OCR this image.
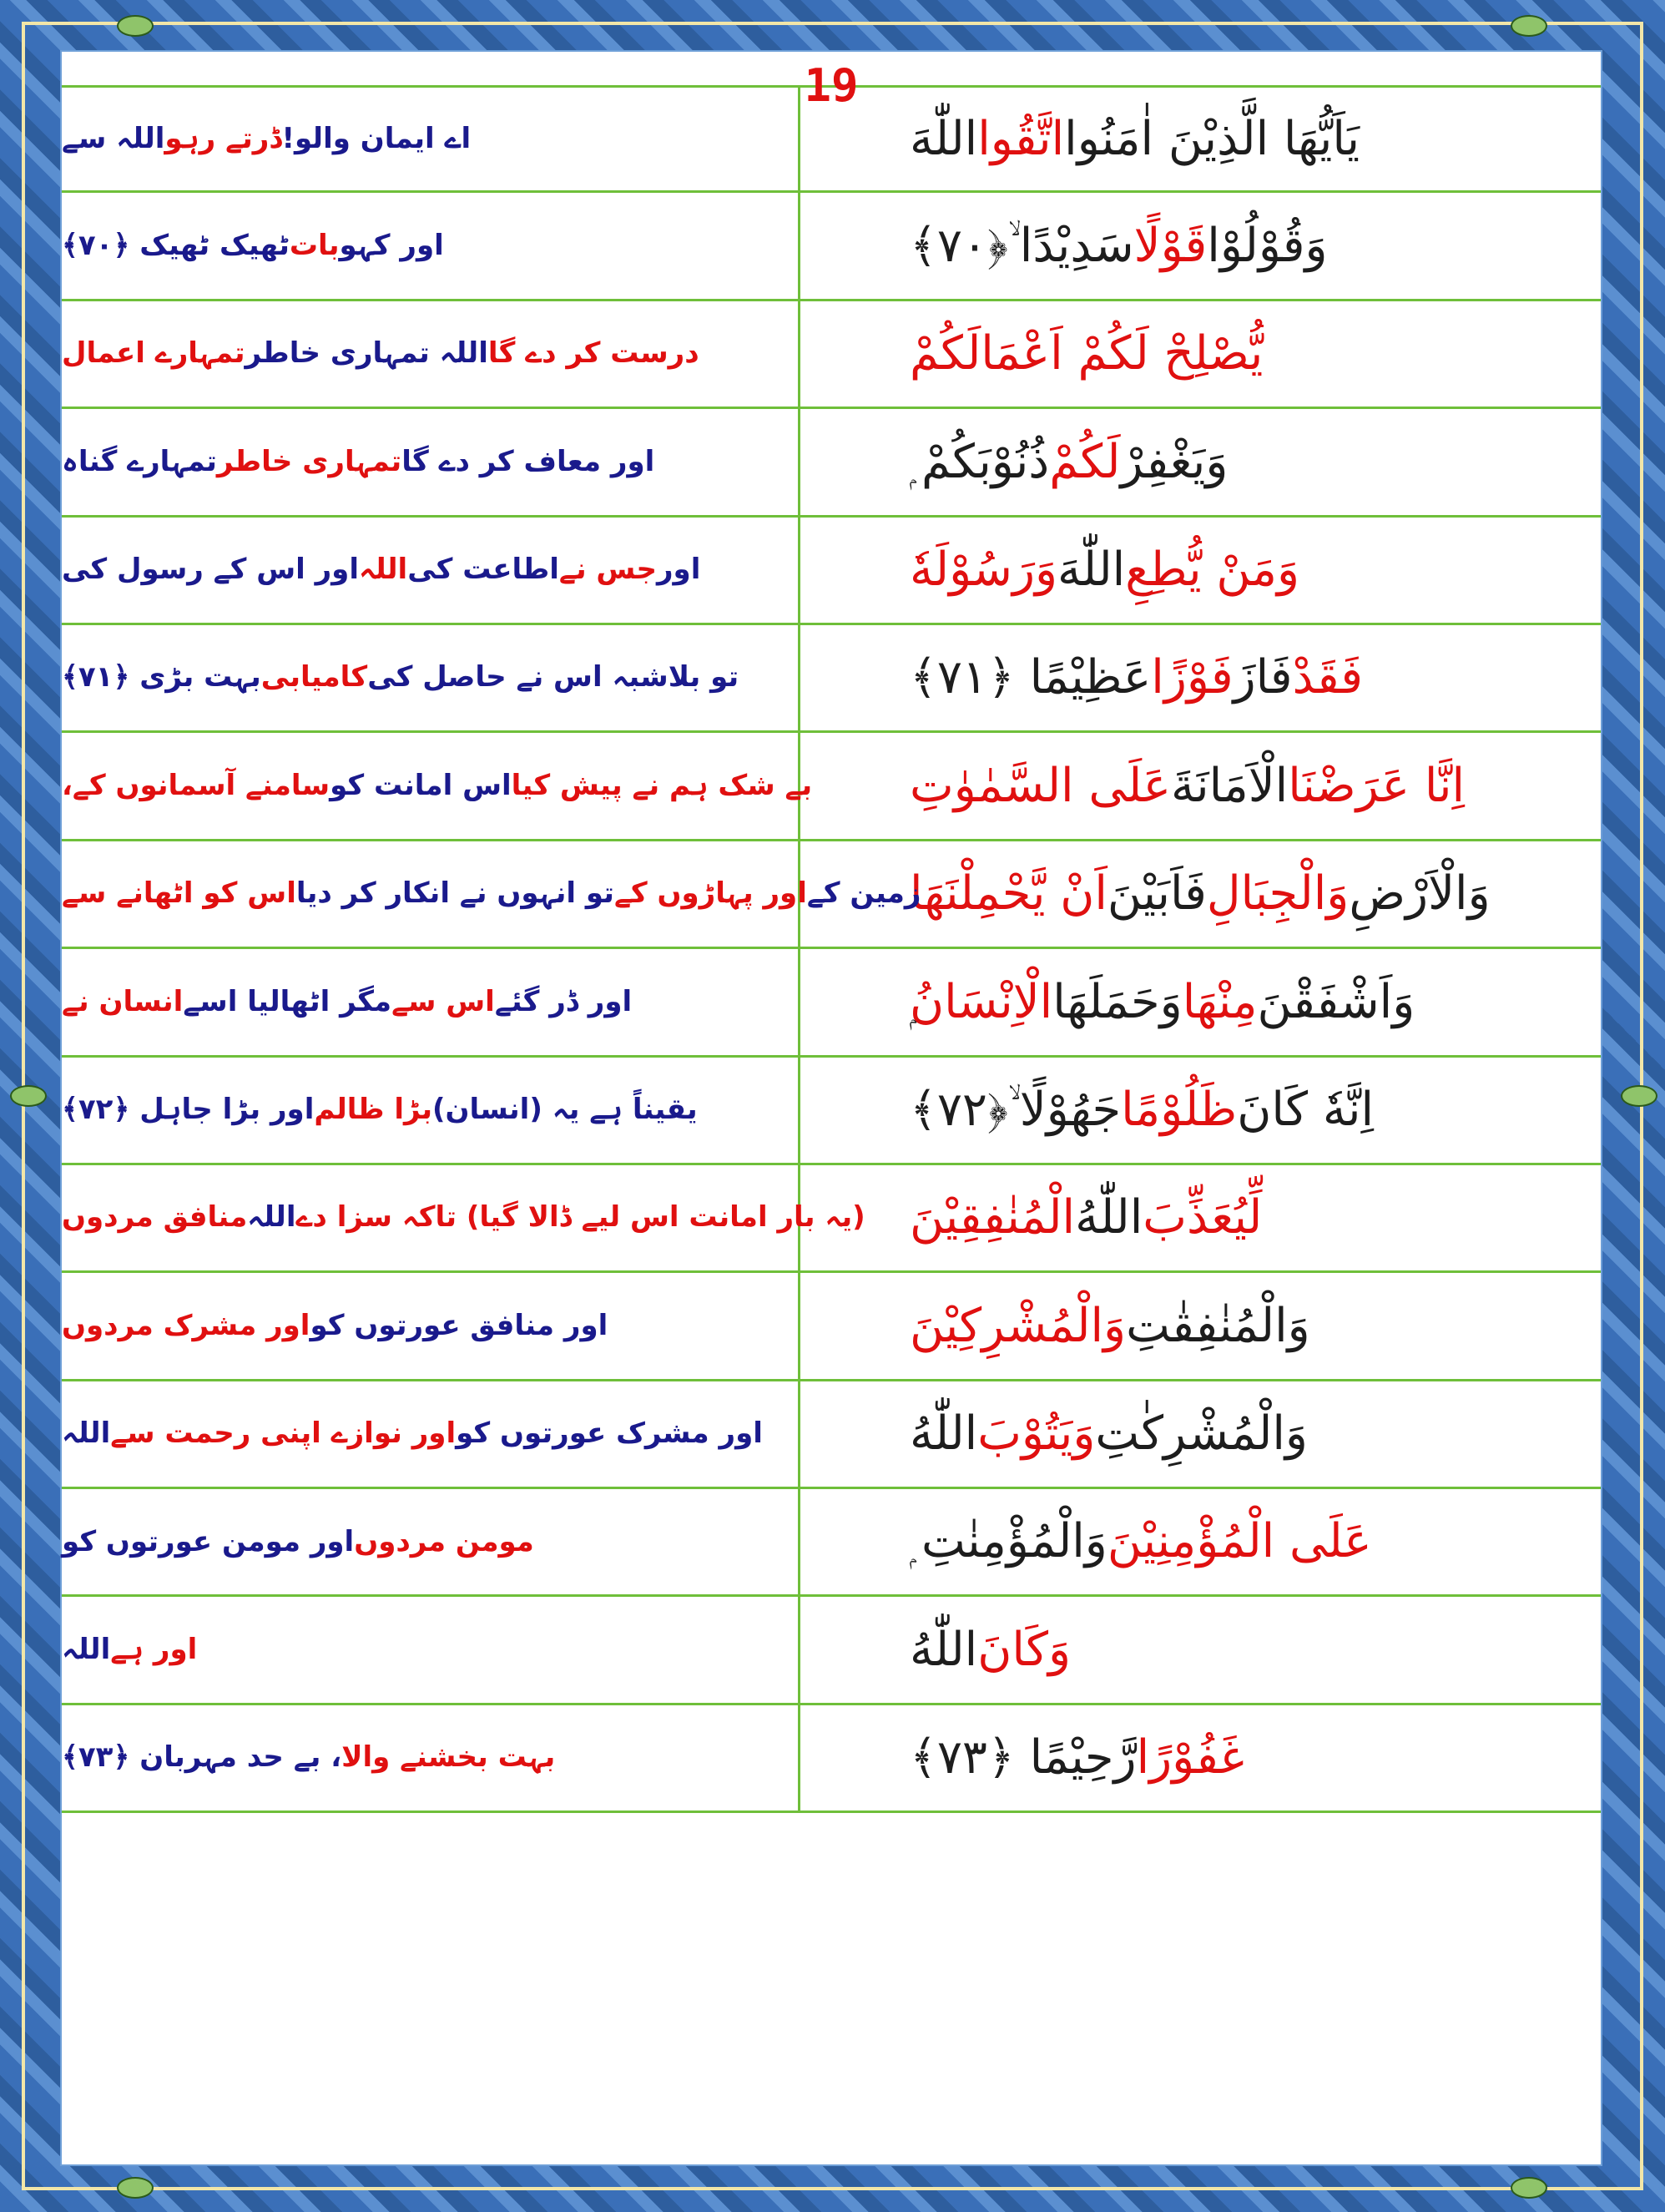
19
يَاَيُّهَا الَّذِيْنَ اٰمَنُوا
اتَّقُوا
اللّٰهَ
اے ایمان والو!
ڈرتے رہو
اللہ سے
وَقُوْلُوْا
قَوْلًا
سَدِيْدًا ۙ﴿٧٠﴾
اور کہو
بات
ٹھیک ٹھیک ﴿۷۰﴾
يُّصْلِحْ لَكُمْ اَعْمَالَكُمْ
درست کر دے گا
اللہ تمہاری خاطر
تمہارے اعمال
وَيَغْفِرْ
لَكُمْ
ذُنُوْبَكُمْ ۭ
اور معاف کر دے گا
تمہاری خاطر
تمہارے گناہ
وَمَنْ يُّطِعِ
اللّٰهَ
وَرَسُوْلَهٗ
اور
جس نے
اطاعت کی
اللہ
اور اس کے رسول کی
فَقَدْ
فَازَ
فَوْزًا
عَظِيْمًا ﴿٧١﴾
تو بلاشبہ اس نے حاصل کی
کامیابی
بہت بڑی ﴿۷۱﴾
اِنَّا عَرَضْنَا
الْاَمَانَةَ
عَلَى السَّمٰوٰتِ
بے شک ہم نے پیش کیا
اس امانت کو
سامنے آسمانوں کے،
وَالْاَرْضِ
وَالْجِبَالِ
فَاَبَيْنَ
اَنْ يَّحْمِلْنَهَا
زمین کے
اور پہاڑوں کے
تو انہوں نے انکار کر دیا
اس کو اٹھانے سے
وَاَشْفَقْنَ
مِنْهَا
وَحَمَلَهَا
الْاِنْسَانُ
اور ڈر گئے
اس سے
مگر اٹھالیا اسے
انسان نے
اِنَّهٗ كَانَ
ظَلُوْمًا
جَهُوْلًا ۙ﴿٧٢﴾
یقیناً ہے یہ (انسان)
بڑا ظالم
اور بڑا جاہل ﴿۷۲﴾
لِّيُعَذِّبَ
اللّٰهُ
الْمُنٰفِقِيْنَ
(یہ بار امانت اس لیے ڈالا گیا) تاکہ سزا دے
اللہ
منافق مردوں
وَالْمُنٰفِقٰتِ
وَالْمُشْرِكِيْنَ
اور منافق عورتوں کو
اور مشرک مردوں
وَالْمُشْرِكٰتِ
وَيَتُوْبَ
اللّٰهُ
اور مشرک عورتوں کو
اور نوازے اپنی رحمت سے
اللہ
عَلَى الْمُؤْمِنِيْنَ
وَالْمُؤْمِنٰتِ ۭ
مومن مردوں
اور مومن عورتوں کو
وَكَانَ
اللّٰهُ
اور ہے
اللہ
غَفُوْرًا
رَّحِيْمًا ﴿٧٣﴾
بہت بخشنے والا
، بے حد مہربان ﴿۷۳﴾
